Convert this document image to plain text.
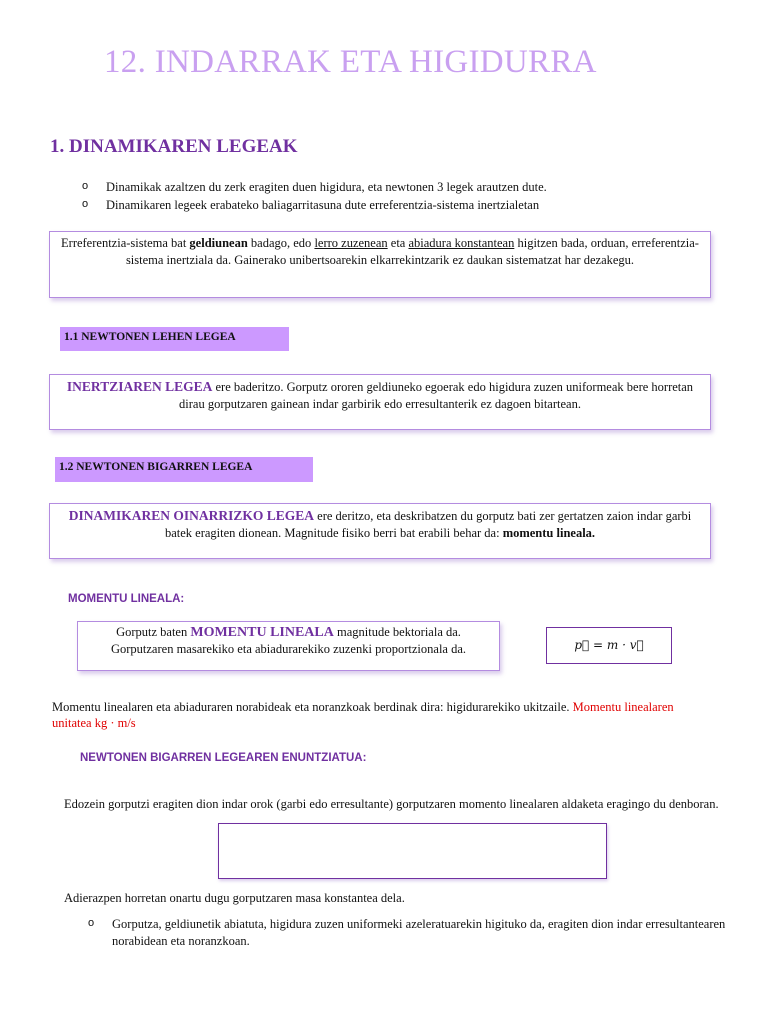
12. INDARRAK ETA HIGIDURRA
1. DINAMIKAREN LEGEAK
o Dinamikak azaltzen du zerk eragiten duen higidura, eta newtonen 3 legek arautzen dute.
o Dinamikaren legeek erabateko baliagarritasuna dute erreferentzia-sistema inertzialetan
Erreferentzia-sistema bat geldiunean badago, edo lerro zuzenean eta abiadura konstantean higitzen bada, orduan, erreferentzia-sistema inertziala da. Gainerako unibertsoarekin elkarrekintzarik ez daukan sistematzat har dezakegu.
1.1 NEWTONEN LEHEN LEGEA
INERTZIAREN LEGEA ere baderitzo. Gorputz ororen geldiuneko egoerak edo higidura zuzen uniformeak bere horretan dirau gorputzaren gainean indar garbirik edo erresultanterik ez dagoen bitartean.
1.2 NEWTONEN BIGARREN LEGEA
DINAMIKAREN OINARRIZKO LEGEA ere deritzo, eta deskribatzen du gorputz bati zer gertatzen zaion indar garbi batek eragiten dionean. Magnitude fisiko berri bat erabili behar da: momentu lineala.
MOMENTU LINEALA:
Gorputz baten MOMENTU LINEALA magnitude bektoriala da. Gorputzaren masarekiko eta abiadurarekiko zuzenki proportzionala da.	p⃗ = m · v⃗
Momentu linealaren eta abiaduraren norabideak eta noranzkoak berdinak dira: higidurarekiko ukitzaile. Momentu linealaren unitatea kg · m/s
NEWTONEN BIGARREN LEGEAREN ENUNTZIATUA:
Edozein gorputzi eragiten dion indar orok (garbi edo erresultante) gorputzaren momento linealaren aldaketa eragingo du denboran.
Adierazpen horretan onartu dugu gorputzaren masa konstantea dela.
o Gorputza, geldiunetik abiatuta, higidura zuzen uniformeki azeleratuarekin higituko da, eragiten dion indar erresultantearen norabidean eta noranzkoan.
